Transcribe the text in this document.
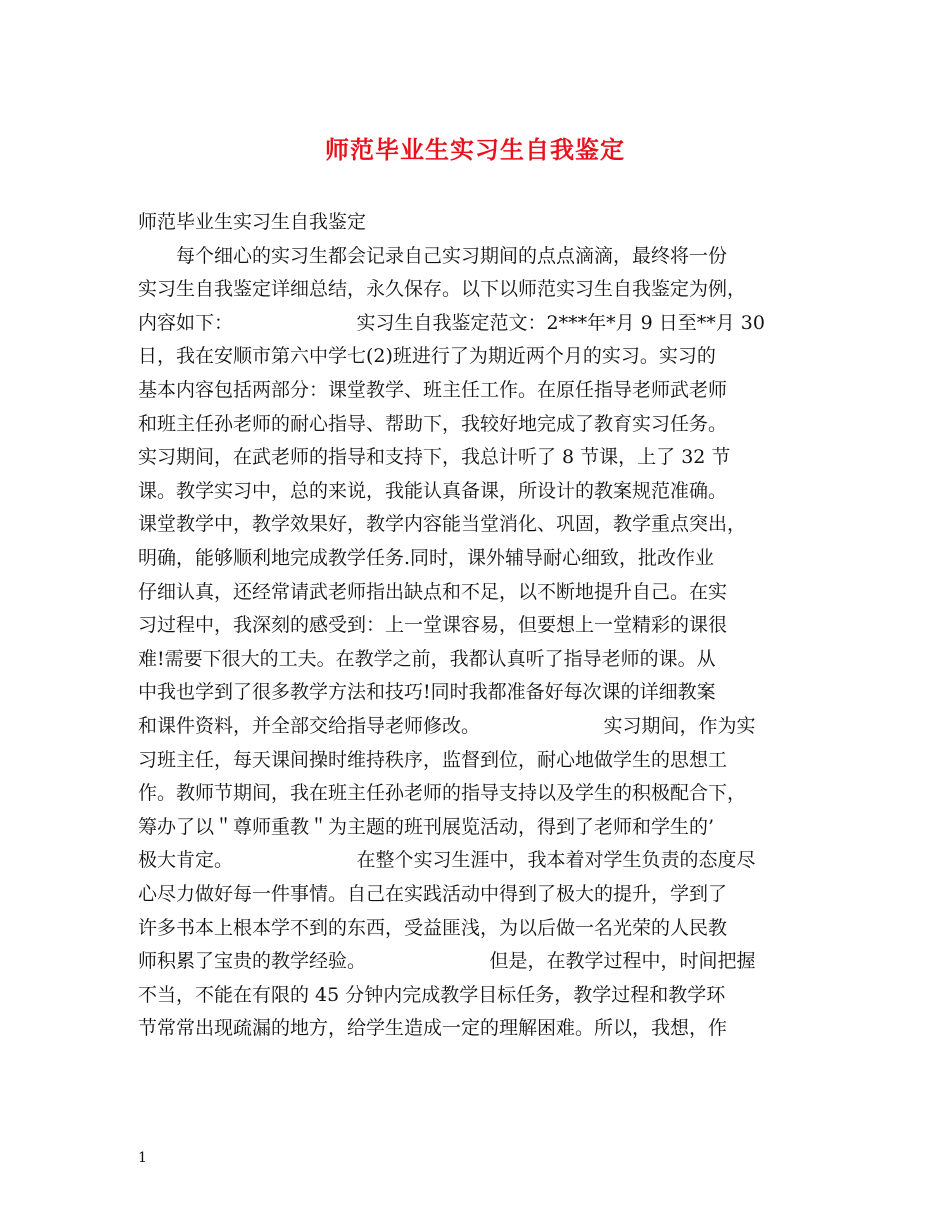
师范毕业生实习生自我鉴定
师范毕业生实习生自我鉴定
　　每个细心的实习生都会记录自己实习期间的点点滴滴，最终将一份
实习生自我鉴定详细总结，永久保存。以下以师范实习生自我鉴定为例，
内容如下：　　　　　　　实习生自我鉴定范文：2***年*月 9 日至**月 30
日，我在安顺市第六中学七(2)班进行了为期近两个月的实习。实习的
基本内容包括两部分：课堂教学、班主任工作。在原任指导老师武老师
和班主任孙老师的耐心指导、帮助下，我较好地完成了教育实习任务。
实习期间，在武老师的指导和支持下，我总计听了 8 节课，上了 32 节
课。教学实习中，总的来说，我能认真备课，所设计的教案规范准确。
课堂教学中，教学效果好，教学内容能当堂消化、巩固，教学重点突出，
明确，能够顺利地完成教学任务.同时，课外辅导耐心细致，批改作业
仔细认真，还经常请武老师指出缺点和不足，以不断地提升自己。在实
习过程中，我深刻的感受到：上一堂课容易，但要想上一堂精彩的课很
难!需要下很大的工夫。在教学之前，我都认真听了指导老师的课。从
中我也学到了很多教学方法和技巧!同时我都准备好每次课的详细教案
和课件资料，并全部交给指导老师修改。　　　　　　　实习期间，作为实
习班主任，每天课间操时维持秩序，监督到位，耐心地做学生的思想工
作。教师节期间，我在班主任孙老师的指导支持以及学生的积极配合下，
筹办了以＂尊师重教＂为主题的班刊展览活动，得到了老师和学生的’
极大肯定。　　　　　　　在整个实习生涯中，我本着对学生负责的态度尽
心尽力做好每一件事情。自己在实践活动中得到了极大的提升，学到了
许多书本上根本学不到的东西，受益匪浅，为以后做一名光荣的人民教
师积累了宝贵的教学经验。　　　　　　　但是，在教学过程中，时间把握
不当，不能在有限的 45 分钟内完成教学目标任务，教学过程和教学环
节常常出现疏漏的地方，给学生造成一定的理解困难。所以，我想，作
1
